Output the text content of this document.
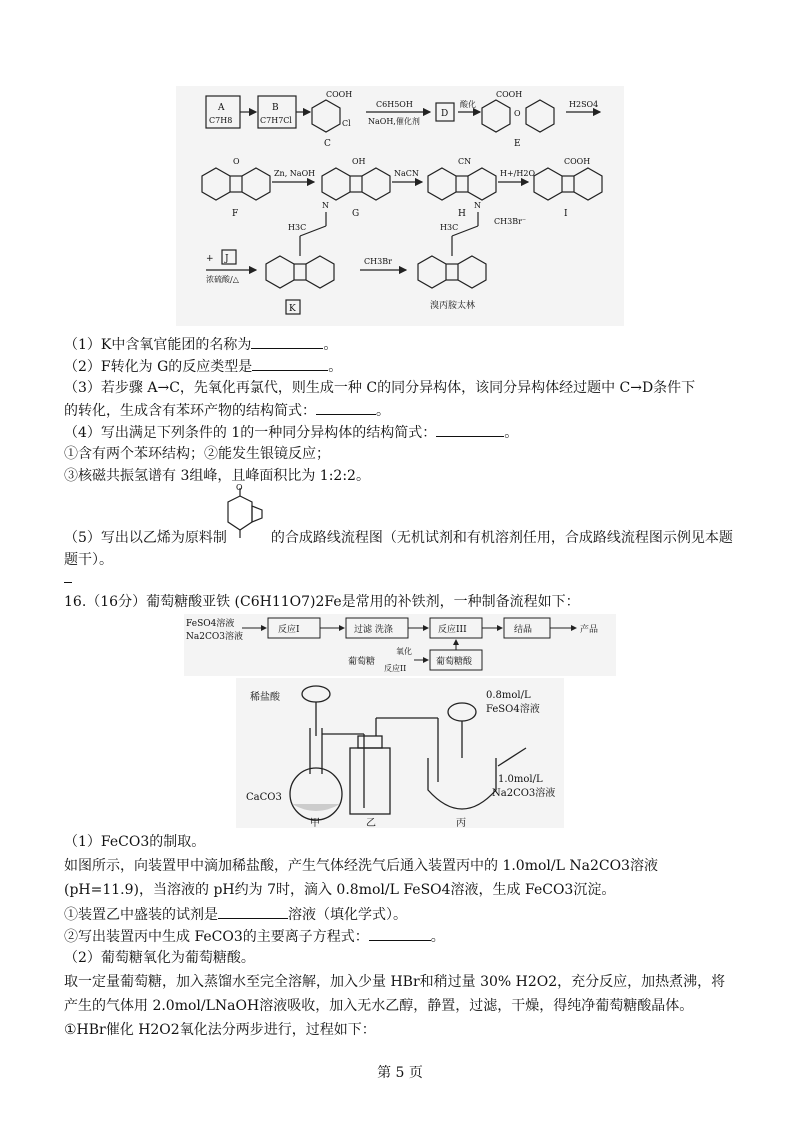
A
C7H8
B
C7H7Cl
COOH
Cl
C
C6H5OH
NaOH,催化剂
D
酸化
COOH
O
E
H2SO4
O
F
Zn, NaOH
OH
G
NaCN
CN
H
H+/H2O
COOH
I
+ J
浓硫酸/△
H3C
N
K
CH3Br
H3C
N
CH3Br⁻
溴丙胺太林
（1）K中含氧官能团的名称为	。
（2）F转化为 G的反应类型是	。
（3）若步骤 A→C，先氧化再氯代，则生成一种 C的同分异构体，该同分异构体经过题中 C→D条件下
的转化，生成含有苯环产物的结构简式：	。
（4）写出满足下列条件的 1的一种同分异构体的结构简式：	。
①含有两个苯环结构；②能发生银镜反应；
③核磁共振氢谱有 3组峰，且峰面积比为 1:2:2。
O
（5）写出以乙烯为原料制	的合成路线流程图（无机试剂和有机溶剂任用，合成路线流程图示例见本题
题干）。
16.（16分）葡萄糖酸亚铁 (C6H11O7)2Fe是常用的补铁剂，一种制备流程如下：
FeSO4溶液
Na2CO3溶液
反应I	过滤 洗涤	反应III	结晶	产品
葡萄糖
氧化
反应II
葡萄糖酸
稀盐酸
CaCO3
0.8mol/L
FeSO4溶液
1.0mol/L
Na2CO3溶液
甲	乙	丙
（1）FeCO3的制取。
如图所示，向装置甲中滴加稀盐酸，产生气体经洗气后通入装置丙中的 1.0mol/L Na2CO3溶液
(pH=11.9)，当溶液的 pH约为 7时，滴入 0.8mol/L FeSO4溶液，生成 FeCO3沉淀。
①装置乙中盛装的试剂是	溶液（填化学式）。
②写出装置丙中生成 FeCO3的主要离子方程式：	。
（2）葡萄糖氧化为葡萄糖酸。
取一定量葡萄糖，加入蒸馏水至完全溶解，加入少量 HBr和稍过量 30% H2O2，充分反应，加热煮沸，将
产生的气体用 2.0mol/LNaOH溶液吸收，加入无水乙醇，静置，过滤，干燥，得纯净葡萄糖酸晶体。
①HBr催化 H2O2氧化法分两步进行，过程如下：
第 5 页
